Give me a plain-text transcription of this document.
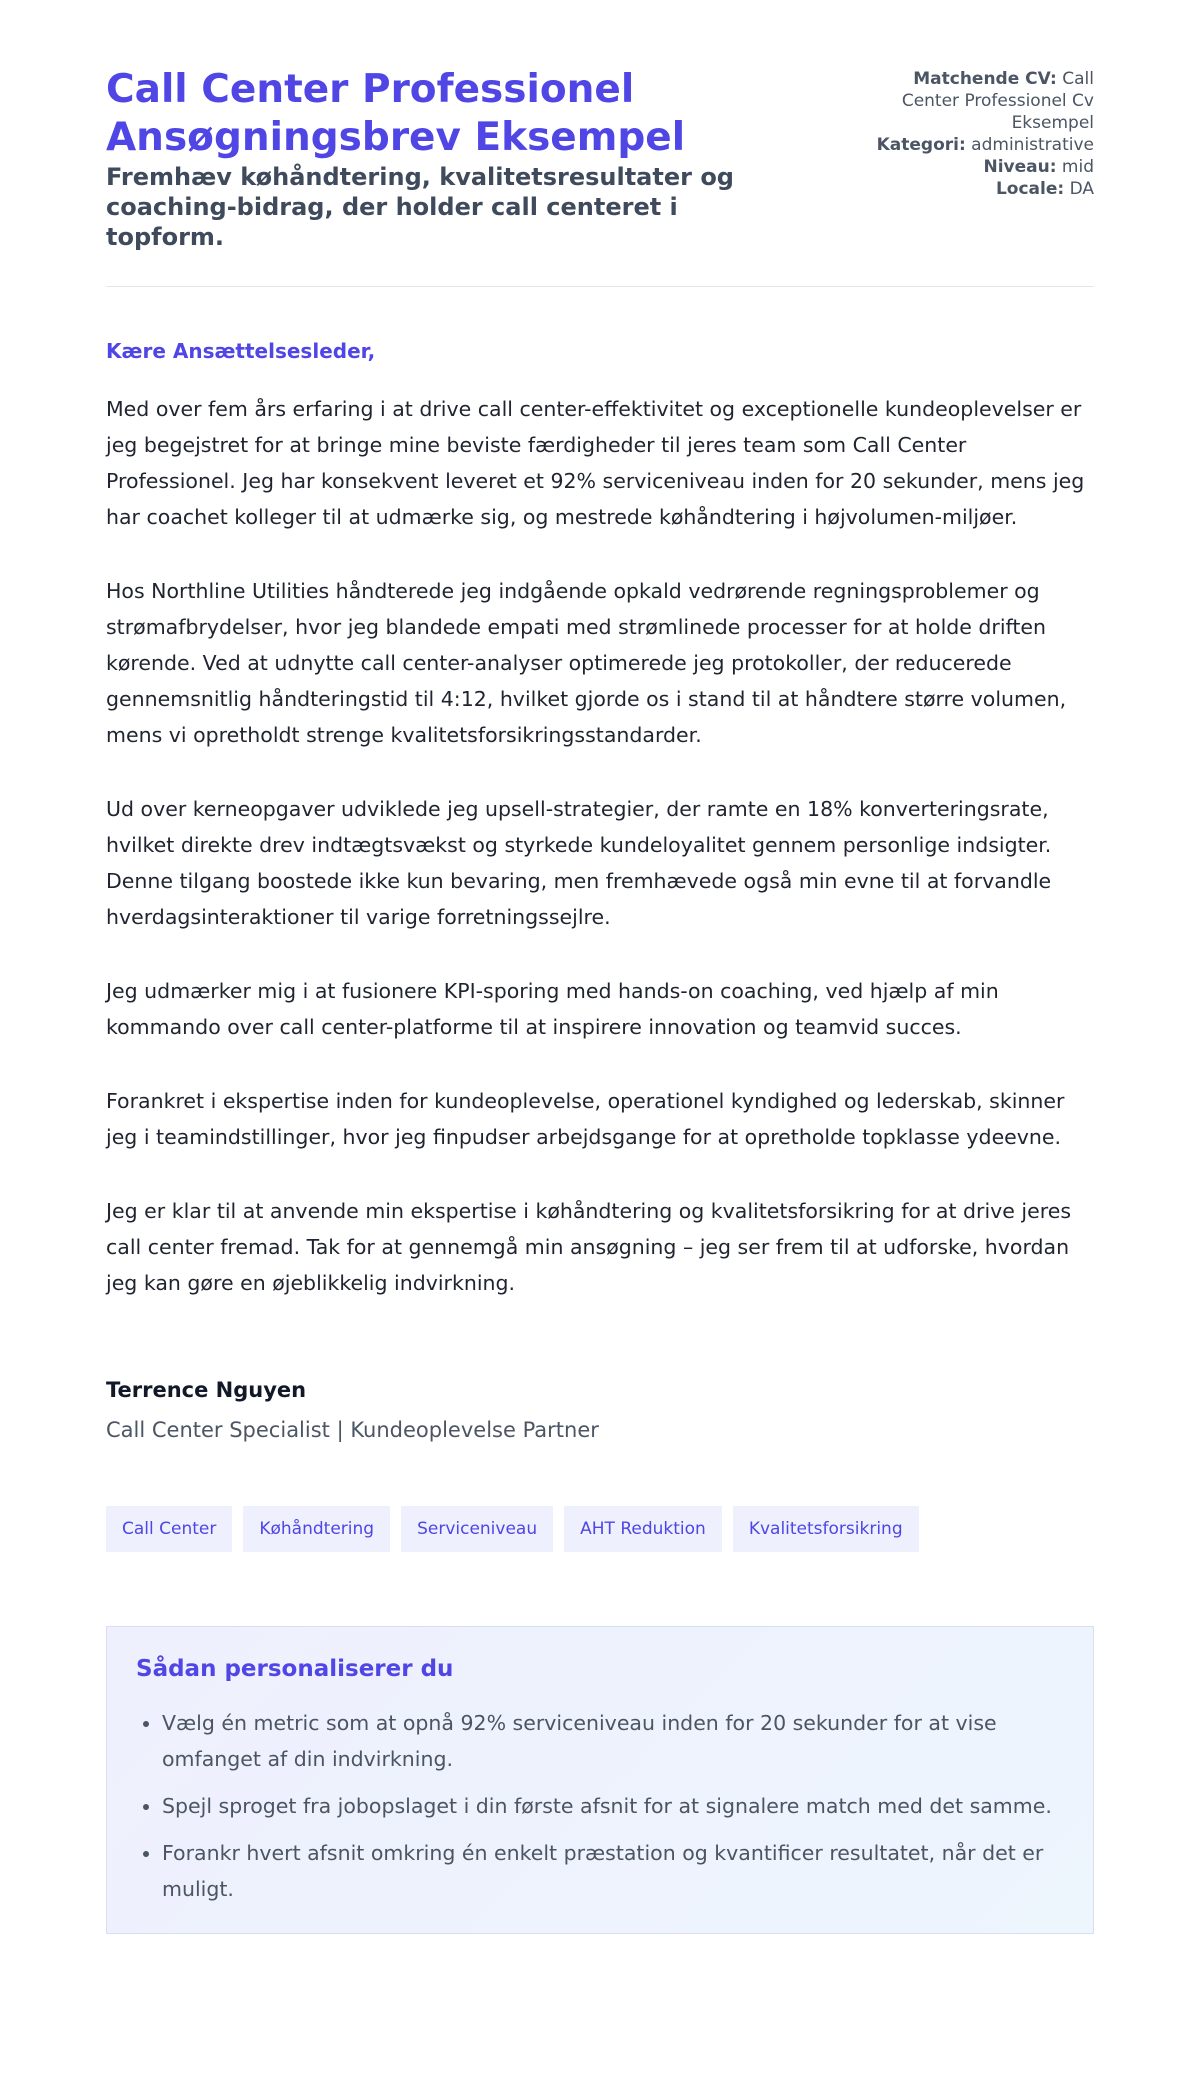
Call Center Professionel Ansøgningsbrev Eksempel
Fremhæv køhåndtering, kvalitetsresultater og coaching-bidrag, der holder call centeret i topform.

Matchende CV: Call Center Professionel Cv Eksempel

Kategori: administrative

Niveau: mid

Locale: DA

Kære Ansættelsesleder,

Med over fem års erfaring i at drive call center-effektivitet og exceptionelle kundeoplevelser er jeg begejstret for at bringe mine beviste færdigheder til jeres team som Call Center Professionel. Jeg har konsekvent leveret et 92% serviceniveau inden for 20 sekunder, mens jeg har coachet kolleger til at udmærke sig, og mestrede køhåndtering i højvolumen-miljøer.

Hos Northline Utilities håndterede jeg indgående opkald vedrørende regningsproblemer og strømafbrydelser, hvor jeg blandede empati med strømlinede processer for at holde driften kørende. Ved at udnytte call center-analyser optimerede jeg protokoller, der reducerede gennemsnitlig håndteringstid til 4:12, hvilket gjorde os i stand til at håndtere større volumen, mens vi opretholdt strenge kvalitetsforsikringsstandarder.

Ud over kerneopgaver udviklede jeg upsell-strategier, der ramte en 18% konverteringsrate, hvilket direkte drev indtægtsvækst og styrkede kundeloyalitet gennem personlige indsigter. Denne tilgang boostede ikke kun bevaring, men fremhævede også min evne til at forvandle hverdagsinteraktioner til varige forretningssejlre.

Jeg udmærker mig i at fusionere KPI-sporing med hands-on coaching, ved hjælp af min kommando over call center-platforme til at inspirere innovation og teamvid succes.

Forankret i ekspertise inden for kundeoplevelse, operationel kyndighed og lederskab, skinner jeg i teamindstillinger, hvor jeg finpudser arbejdsgange for at opretholde topklasse ydeevne.

Jeg er klar til at anvende min ekspertise i køhåndtering og kvalitetsforsikring for at drive jeres call center fremad. Tak for at gennemgå min ansøgning – jeg ser frem til at udforske, hvordan jeg kan gøre en øjeblikkelig indvirkning.

Terrence Nguyen

Call Center Specialist | Kundeoplevelse Partner

Call Center	Køhåndtering	Serviceniveau	AHT Reduktion	Kvalitetsforsikring
Sådan personaliserer du
• Vælg én metric som at opnå 92% serviceniveau inden for 20 sekunder for at vise omfanget af din indvirkning.
• Spejl sproget fra jobopslaget i din første afsnit for at signalere match med det samme.
• Forankr hvert afsnit omkring én enkelt præstation og kvantificer resultatet, når det er muligt.
